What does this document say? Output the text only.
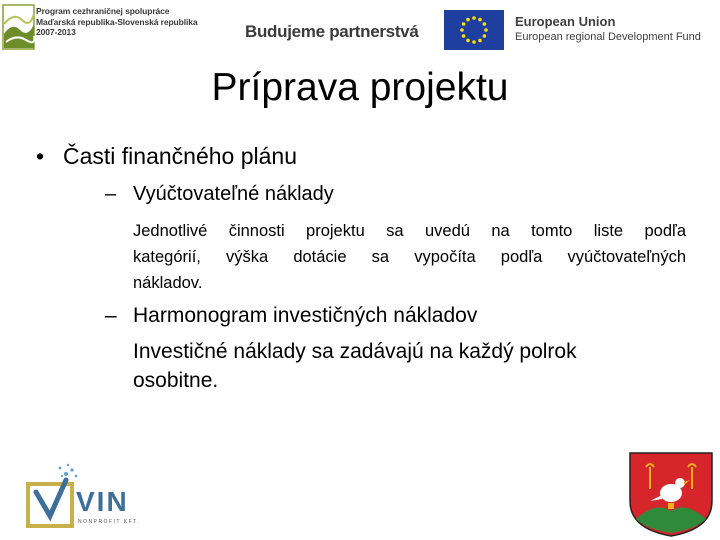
Program cezhraničnej spolupráce
Maďarská republika-Slovenská republika
2007-2013	Budujeme partnerstvá
European Union
European regional Development Fund
Príprava projektu
• Časti finančného plánu
– Vyúčtovateľné náklady
Jednotlivé činnosti projektu sa uvedú na tomto liste podľa
kategórií, výška dotácie sa vypočíta podľa vyúčtovateľných
nákladov.
– Harmonogram investičných nákladov
Investičné náklady sa zadávajú na každý polrok
osobitne.
VIN
NONPROFIT KFT.
